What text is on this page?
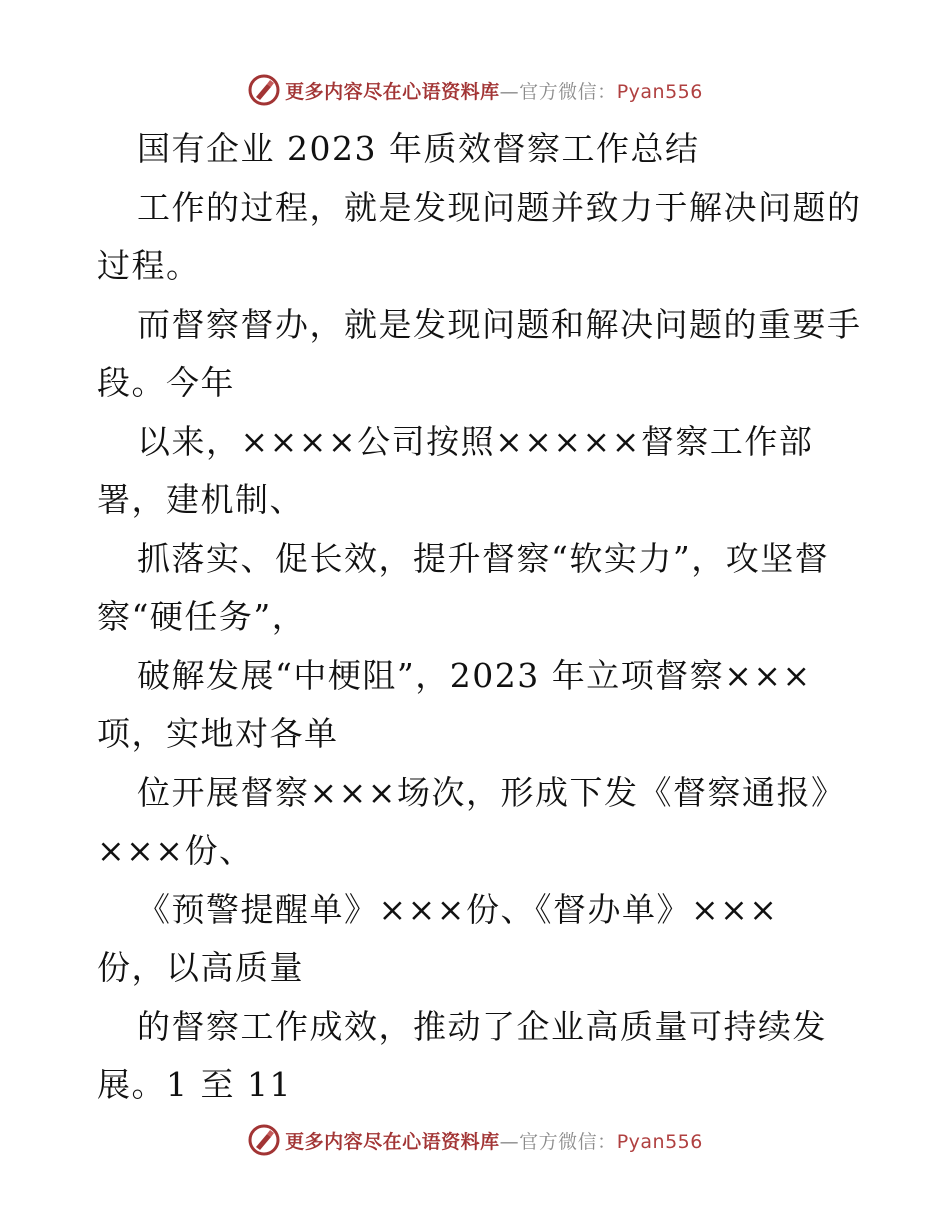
更多内容尽在心语资料库—官方微信：Pyan556
国有企业 2023 年质效督察工作总结
工作的过程，就是发现问题并致力于解决问题的
过程。
而督察督办，就是发现问题和解决问题的重要手
段。今年
以来，××××公司按照×××××督察工作部
署，建机制、
抓落实、促长效，提升督察“软实力”，攻坚督
察“硬任务”，
破解发展“中梗阻”，2023 年立项督察×××
项，实地对各单
位开展督察×××场次，形成下发《督察通报》
×××份、
《预警提醒单》×××份、《督办单》×××
份，以高质量
的督察工作成效，推动了企业高质量可持续发
展。1 至 11
更多内容尽在心语资料库—官方微信：Pyan556
